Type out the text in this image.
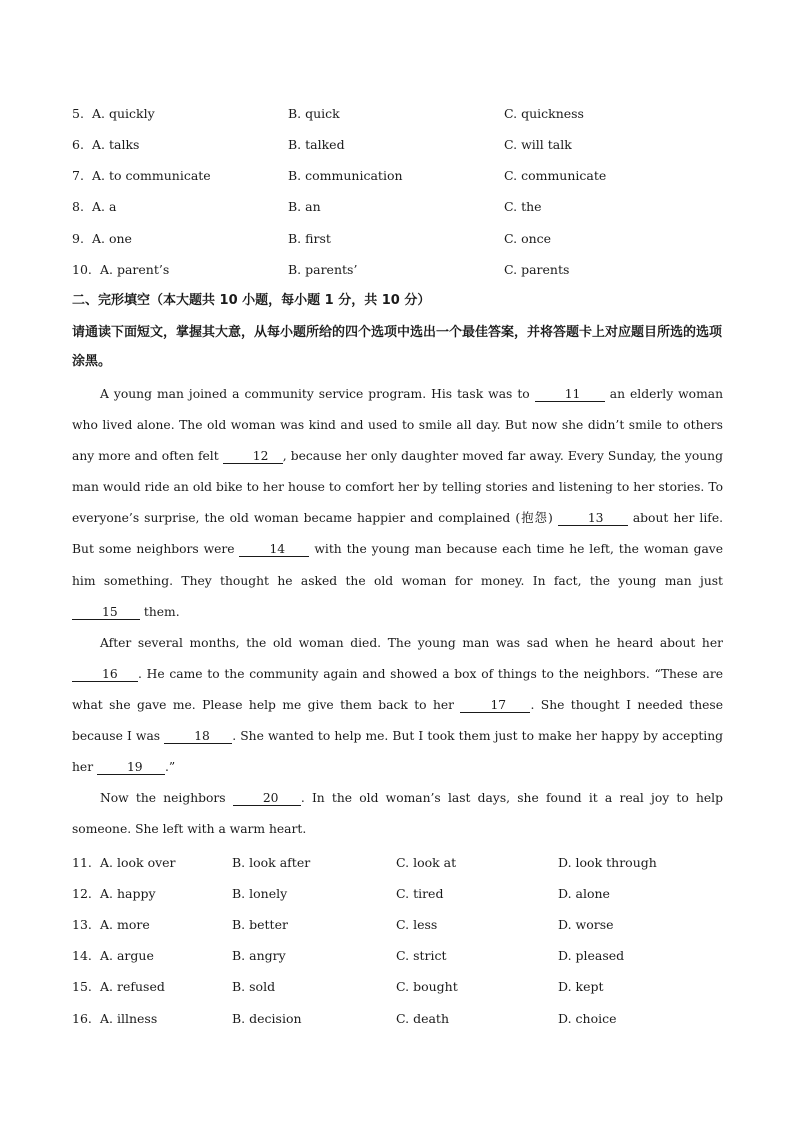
5. A. quickly	B. quick	C. quickness
6. A. talks	B. talked	C. will talk
7. A. to communicate	B. communication	C. communicate
8. A. a	B. an	C. the
9. A. one	B. first	C. once
10. A. parent’s	B. parents’	C. parents
二、完形填空（本大题共 10 小题，每小题 1 分，共 10 分）
请通读下面短文，掌握其大意，从每小题所给的四个选项中选出一个最佳答案，并将答题卡上对应题目所选的选项涂黑。

A young man joined a community service program. His task was to 11 an elderly woman who lived alone. The old woman was kind and used to smile all day. But now she didn’t smile to others any more and often felt 12 , because her only daughter moved far away. Every Sunday, the young man would ride an old bike to her house to comfort her by telling stories and listening to her stories. To everyone’s surprise, the old woman became happier and complained (抱怨) 13 about her life. But some neighbors were 14 with the young man because each time he left, the woman gave him something. They thought he asked the old woman for money. In fact, the young man just 15 them.

After several months, the old woman died. The young man was sad when he heard about her 16 . He came to the community again and showed a box of things to the neighbors. “These are what she gave me. Please help me give them back to her 17 . She thought I needed these because I was 18 . She wanted to help me. But I took them just to make her happy by accepting her 19 .”

Now the neighbors 20 . In the old woman’s last days, she found it a real joy to help someone. She left with a warm heart.

11. A. look over	B. look after	C. look at	D. look through
12. A. happy	B. lonely	C. tired	D. alone
13. A. more	B. better	C. less	D. worse
14. A. argue	B. angry	C. strict	D. pleased
15. A. refused	B. sold	C. bought	D. kept
16. A. illness	B. decision	C. death	D. choice
